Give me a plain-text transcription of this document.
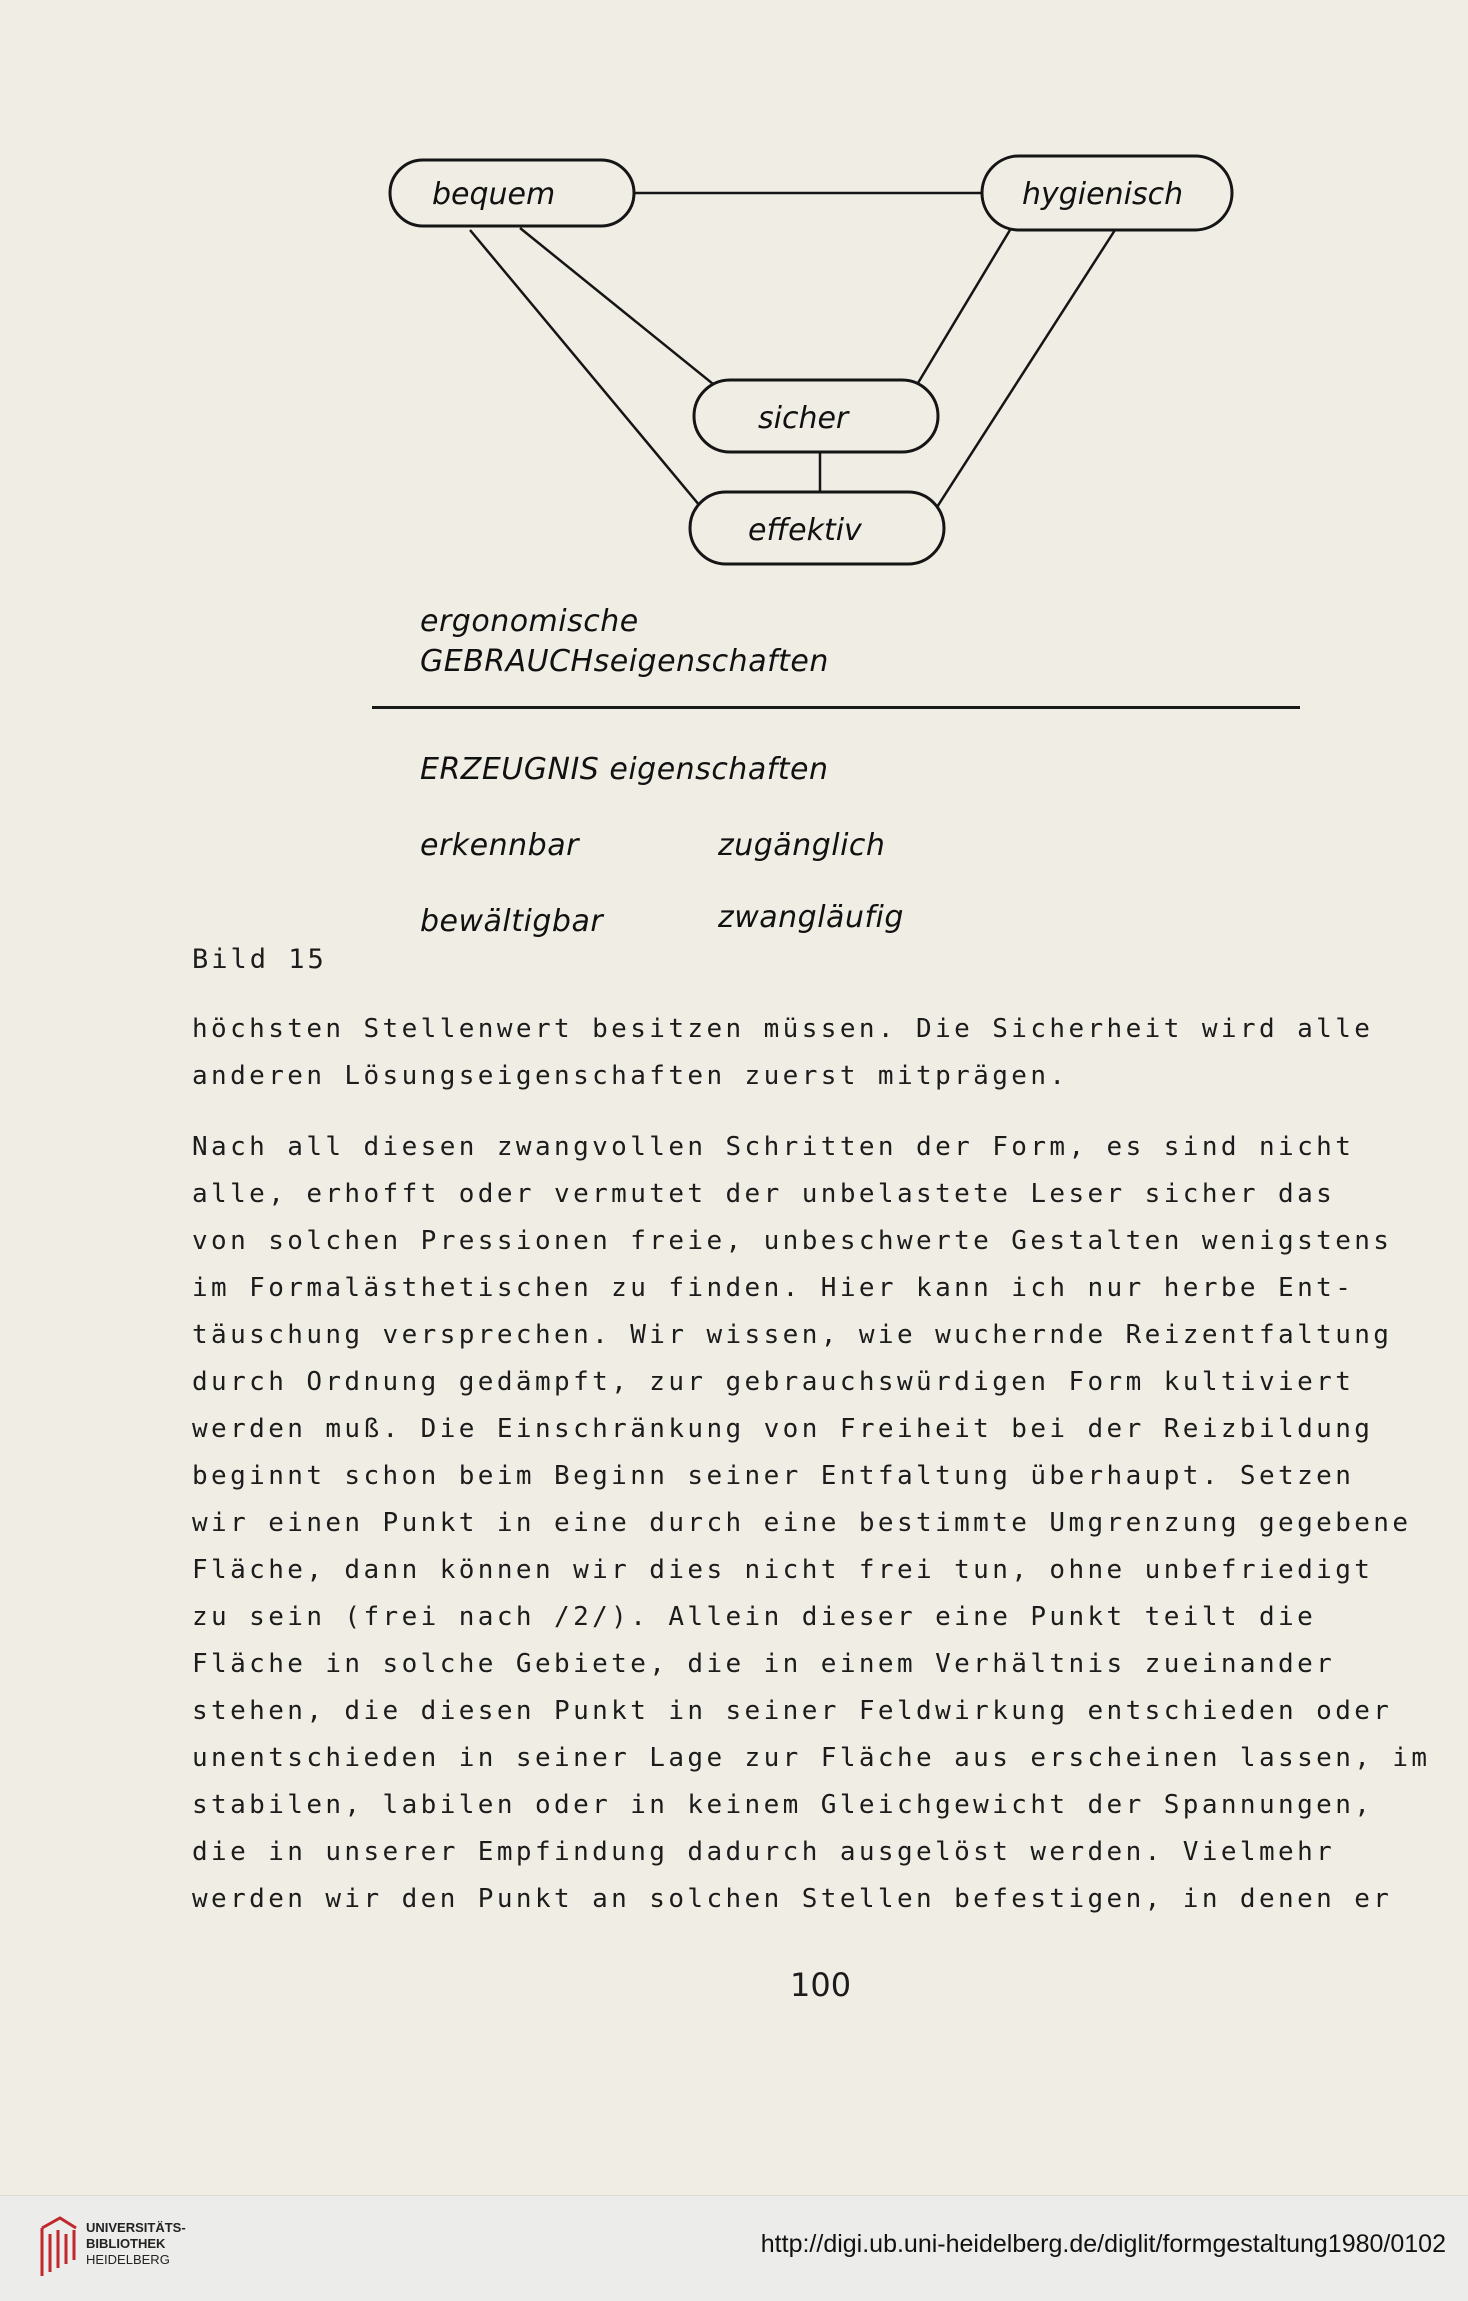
bequem	hygienisch
sicher
effektiv
ergonomische
GEBRAUCHseigenschaften
ERZEUGNIS eigenschaften
erkennbar	zugänglich
bewältigbar	zwangläufig
Bild 15

höchsten Stellenwert besitzen müssen. Die Sicherheit wird alle
anderen Lösungseigenschaften zuerst mitprägen.

Nach all diesen zwangvollen Schritten der Form, es sind nicht
alle, erhofft oder vermutet der unbelastete Leser sicher das
von solchen Pressionen freie, unbeschwerte Gestalten wenigstens
im Formalästhetischen zu finden. Hier kann ich nur herbe Ent-
täuschung versprechen. Wir wissen, wie wuchernde Reizentfaltung
durch Ordnung gedämpft, zur gebrauchswürdigen Form kultiviert
werden muß. Die Einschränkung von Freiheit bei der Reizbildung
beginnt schon beim Beginn seiner Entfaltung überhaupt. Setzen
wir einen Punkt in eine durch eine bestimmte Umgrenzung gegebene
Fläche, dann können wir dies nicht frei tun, ohne unbefriedigt
zu sein (frei nach /2/). Allein dieser eine Punkt teilt die
Fläche in solche Gebiete, die in einem Verhältnis zueinander
stehen, die diesen Punkt in seiner Feldwirkung entschieden oder
unentschieden in seiner Lage zur Fläche aus erscheinen lassen, im
stabilen, labilen oder in keinem Gleichgewicht der Spannungen,
die in unserer Empfindung dadurch ausgelöst werden. Vielmehr
werden wir den Punkt an solchen Stellen befestigen, in denen er

100
UNIVERSITÄTS-
BIBLIOTHEK
HEIDELBERG
http://digi.ub.uni-heidelberg.de/diglit/formgestaltung1980/0102
